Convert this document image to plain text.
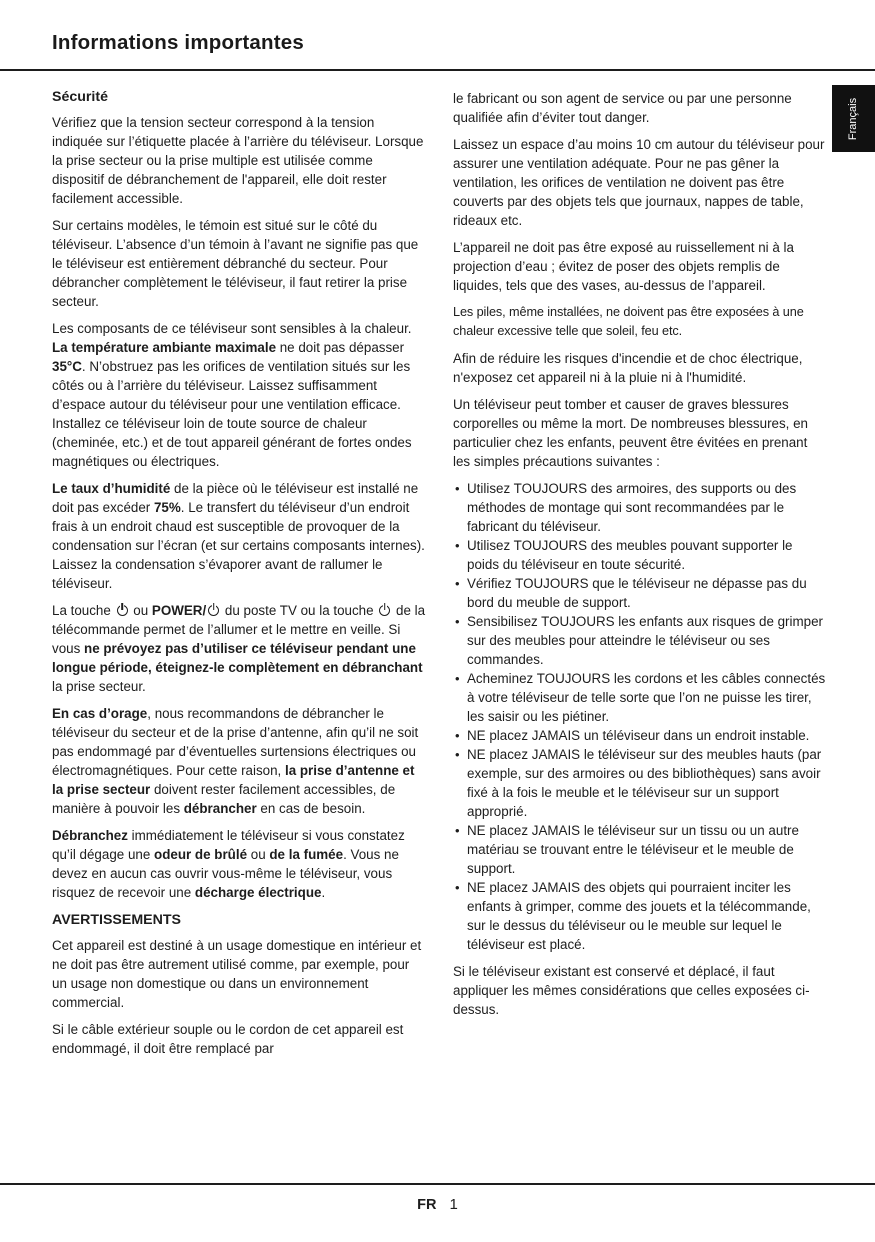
Informations importantes
Français
Sécurité

Vérifiez que la tension secteur correspond à la tension indiquée sur l’étiquette placée à l’arrière du téléviseur. Lorsque la prise secteur ou la prise multiple est utilisée comme dispositif de débranchement de l'appareil, elle doit rester facilement accessible.

Sur certains modèles, le témoin est situé sur le côté du téléviseur. L’absence d’un témoin à l’avant ne signifie pas que le téléviseur est entièrement débranché du secteur. Pour débrancher complètement le téléviseur, il faut retirer la prise secteur.

Les composants de ce téléviseur sont sensibles à la chaleur. La température ambiante maximale ne doit pas dépasser 35°C. N’obstruez pas les orifices de ventilation situés sur les côtés ou à l’arrière du téléviseur. Laissez suffisamment d’espace autour du téléviseur pour une ventilation efficace. Installez ce téléviseur loin de toute source de chaleur (cheminée, etc.) et de tout appareil générant de fortes ondes magnétiques ou électriques.

Le taux d’humidité de la pièce où le téléviseur est installé ne doit pas excéder 75%. Le transfert du téléviseur d’un endroit frais à un endroit chaud est susceptible de provoquer de la condensation sur l’écran (et sur certains composants internes). Laissez la condensation s’évaporer avant de rallumer le téléviseur.

La touche  ou POWER/ du poste TV ou la touche  de la télécommande permet de l’allumer et le mettre en veille. Si vous ne prévoyez pas d’utiliser ce téléviseur pendant une longue période, éteignez-le complètement en débranchant la prise secteur.

En cas d’orage, nous recommandons de débrancher le téléviseur du secteur et de la prise d’antenne, afin qu’il ne soit pas endommagé par d’éventuelles surtensions électriques ou électromagnétiques. Pour cette raison, la prise d’antenne et la prise secteur doivent rester facilement accessibles, de manière à pouvoir les débrancher en cas de besoin.

Débranchez immédiatement le téléviseur si vous constatez qu’il dégage une odeur de brûlé ou de la fumée. Vous ne devez en aucun cas ouvrir vous-même le téléviseur, vous risquez de recevoir une décharge électrique.

AVERTISSEMENTS

Cet appareil est destiné à un usage domestique en intérieur et ne doit pas être autrement utilisé comme, par exemple, pour un usage non domestique ou dans un environnement commercial.

Si le câble extérieur souple ou le cordon de cet appareil est endommagé, il doit être remplacé par

le fabricant ou son agent de service ou par une personne qualifiée afin d’éviter tout danger.

Laissez un espace d’au moins 10 cm autour du téléviseur pour assurer une ventilation adéquate. Pour ne pas gêner la ventilation, les orifices de ventilation ne doivent pas être couverts par des objets tels que journaux, nappes de table, rideaux etc.

L’appareil ne doit pas être exposé au ruissellement ni à la projection d’eau ; évitez de poser des objets remplis de liquides, tels que des vases, au-dessus de l’appareil.

Les piles, même installées, ne doivent pas être exposées à une chaleur excessive telle que soleil, feu etc.

Afin de réduire les risques d'incendie et de choc électrique, n'exposez cet appareil ni à la pluie ni à l'humidité.

Un téléviseur peut tomber et causer de graves blessures corporelles ou même la mort. De nombreuses blessures, en particulier chez les enfants, peuvent être évitées en prenant les simples précautions suivantes :

• Utilisez TOUJOURS des armoires, des supports ou des méthodes de montage qui sont recommandées par le fabricant du téléviseur.
• Utilisez TOUJOURS des meubles pouvant supporter le poids du téléviseur en toute sécurité.
• Vérifiez TOUJOURS que le téléviseur ne dépasse pas du bord du meuble de support.
• Sensibilisez TOUJOURS les enfants aux risques de grimper sur des meubles pour atteindre le téléviseur ou ses commandes.
• Acheminez TOUJOURS les cordons et les câbles connectés à votre téléviseur de telle sorte que l’on ne puisse les tirer, les saisir ou les piétiner.
• NE placez JAMAIS un téléviseur dans un endroit instable.
• NE placez JAMAIS le téléviseur sur des meubles hauts (par exemple, sur des armoires ou des bibliothèques) sans avoir fixé à la fois le meuble et le téléviseur sur un support approprié.
• NE placez JAMAIS le téléviseur sur un tissu ou un autre matériau se trouvant entre le téléviseur et le meuble de support.
• NE placez JAMAIS des objets qui pourraient inciter les enfants à grimper, comme des jouets et la télécommande, sur le dessus du téléviseur ou le meuble sur lequel le téléviseur est placé.

Si le téléviseur existant est conservé et déplacé, il faut appliquer les mêmes considérations que celles exposées ci-dessus.

FR 1
